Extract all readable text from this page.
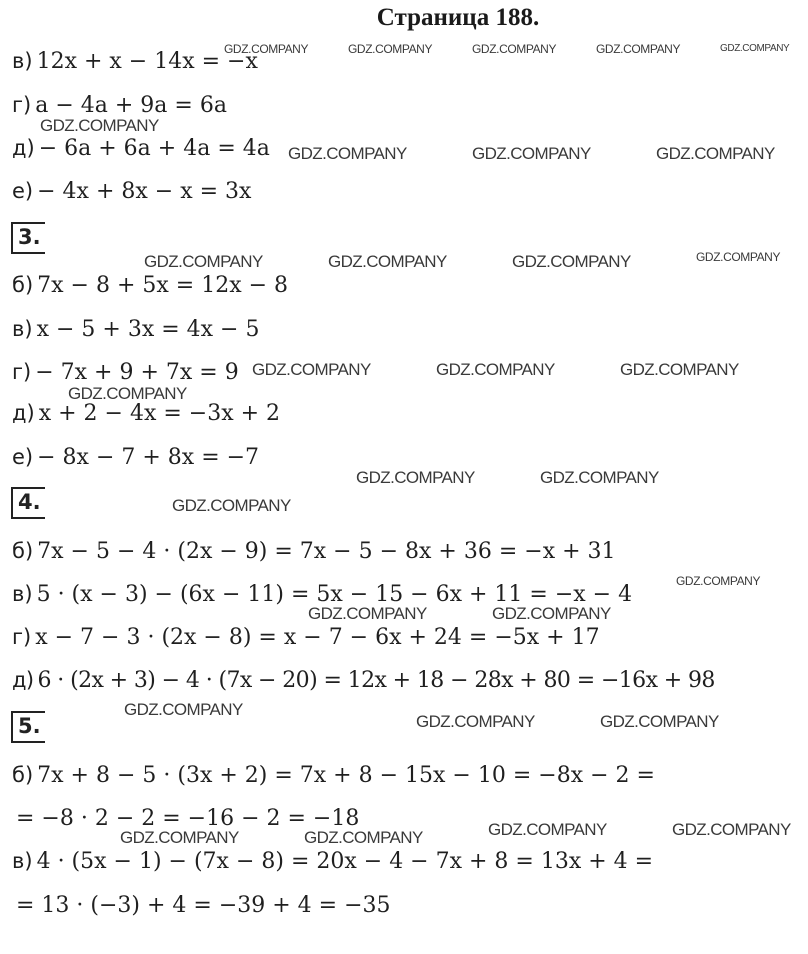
Страница 188.
3.
4.
5.
в) 12x + x − 14x = −x
г) a − 4a + 9a = 6a
д) − 6a + 6a + 4a = 4a
е) − 4x + 8x − x = 3x
б) 7x − 8 + 5x = 12x − 8
в) x − 5 + 3x = 4x − 5
г) − 7x + 9 + 7x = 9
д) x + 2 − 4x = −3x + 2
е) − 8x − 7 + 8x = −7
б) 7x − 5 − 4 · (2x − 9) = 7x − 5 − 8x + 36 = −x + 31
в) 5 · (x − 3) − (6x − 11) = 5x − 15 − 6x + 11 = −x − 4
г) x − 7 − 3 · (2x − 8) = x − 7 − 6x + 24 = −5x + 17
д) 6 · (2x + 3) − 4 · (7x − 20) = 12x + 18 − 28x + 80 = −16x + 98
б) 7x + 8 − 5 · (3x + 2) = 7x + 8 − 15x − 10 = −8x − 2 =
= −8 · 2 − 2 = −16 − 2 = −18
в) 4 · (5x − 1) − (7x − 8) = 20x − 4 − 7x + 8 = 13x + 4 =
= 13 · (−3) + 4 = −39 + 4 = −35
GDZ.COMPANY	GDZ.COMPANY	GDZ.COMPANY	GDZ.COMPANY	GDZ.COMPANY
GDZ.COMPANY
GDZ.COMPANY	GDZ.COMPANY	GDZ.COMPANY
GDZ.COMPANY	GDZ.COMPANY	GDZ.COMPANY	GDZ.COMPANY
GDZ.COMPANY	GDZ.COMPANY	GDZ.COMPANY
GDZ.COMPANY
GDZ.COMPANY	GDZ.COMPANY
GDZ.COMPANY
GDZ.COMPANY
GDZ.COMPANY	GDZ.COMPANY
GDZ.COMPANY
GDZ.COMPANY	GDZ.COMPANY
GDZ.COMPANY	GDZ.COMPANY
GDZ.COMPANY	GDZ.COMPANY
